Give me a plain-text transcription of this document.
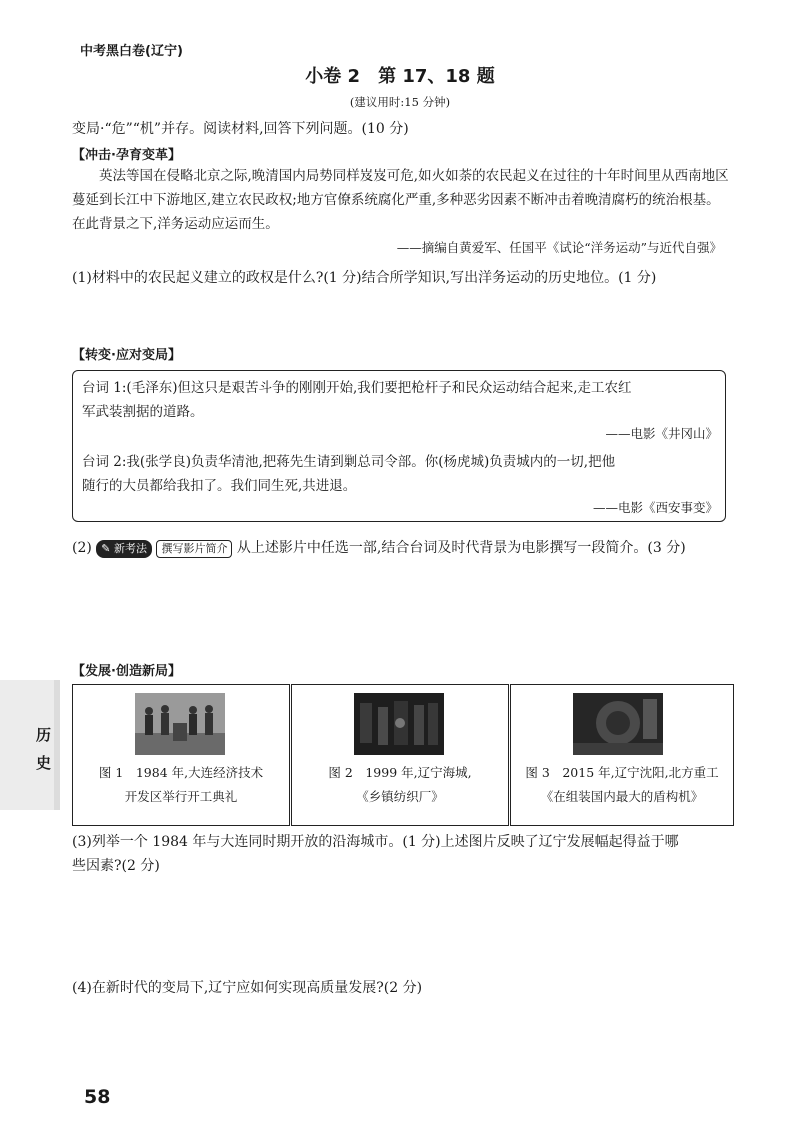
中考黑白卷(辽宁)
小卷 2　第 17、18 题
(建议用时:15 分钟)
变局·“危”“机”并存。阅读材料,回答下列问题。(10 分)
【冲击·孕育变革】
英法等国在侵略北京之际,晚清国内局势同样岌岌可危,如火如荼的农民起义在过往的十年时间里从西南地区蔓延到长江中下游地区,建立农民政权;地方官僚系统腐化严重,多种恶劣因素不断冲击着晚清腐朽的统治根基。在此背景之下,洋务运动应运而生。
——摘编自黄爱军、任国平《试论“洋务运动”与近代自强》
(1)材料中的农民起义建立的政权是什么?(1 分)结合所学知识,写出洋务运动的历史地位。(1 分)
【转变·应对变局】
台词 1:(毛泽东)但这只是艰苦斗争的刚刚开始,我们要把枪杆子和民众运动结合起来,走工农红
军武装割据的道路。
——电影《井冈山》
台词 2:我(张学良)负责华清池,把蒋先生请到剿总司令部。你(杨虎城)负责城内的一切,把他
随行的大员都给我扣了。我们同生死,共进退。
——电影《西安事变》
(2) ✎ 新考法 撰写影片简介 从上述影片中任选一部,结合台词及时代背景为电影撰写一段简介。(3 分)
【发展·创造新局】
图 1　1984 年,大连经济技术
开发区举行开工典礼
图 2　1999 年,辽宁海城,
《乡镇纺织厂》
图 3　2015 年,辽宁沈阳,北方重工
《在组装国内最大的盾构机》
(3)列举一个 1984 年与大连同时期开放的沿海城市。(1 分)上述图片反映了辽宁发展幅起得益于哪
些因素?(2 分)
(4)在新时代的变局下,辽宁应如何实现高质量发展?(2 分)
历
史
58
